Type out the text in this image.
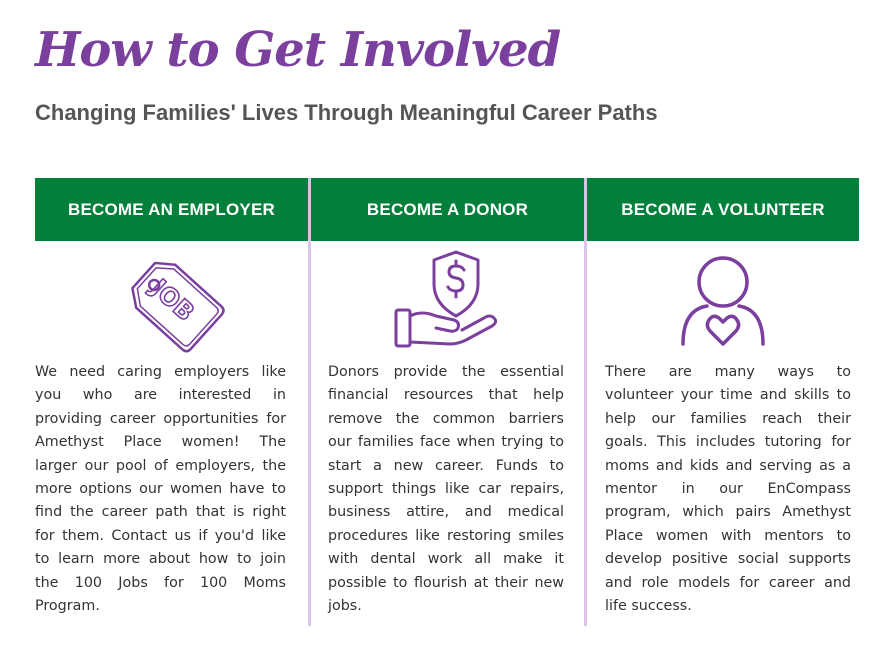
How to Get Involved
Changing Families' Lives Through Meaningful Career Paths
BECOME AN EMPLOYER
JOB
We need caring employers like you who are interested in providing career opportunities for Amethyst Place women! The larger our pool of employers, the more options our women have to find the career path that is right for them. Contact us if you'd like to learn more about how to join the 100 Jobs for 100 Moms Program.
BECOME A DONOR
Donors provide the essential financial resources that help remove the common barriers our families face when trying to start a new career. Funds to support things like car repairs, business attire, and medical procedures like restoring smiles with dental work all make it possible to flourish at their new jobs.
BECOME A VOLUNTEER
There are many ways to volunteer your time and skills to help our families reach their goals. This includes tutoring for moms and kids and serving as a mentor in our EnCompass program, which pairs Amethyst Place women with mentors to develop positive social supports and role models for career and life success.
